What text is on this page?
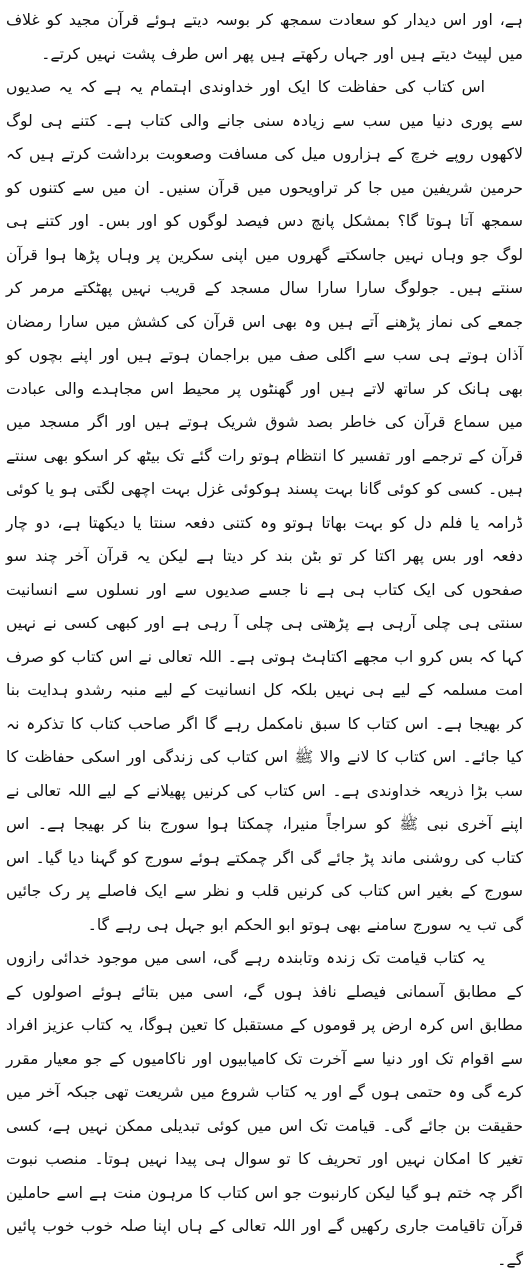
ہے، اور اس دیدار کو سعادت سمجھ کر بوسہ دیتے ہوئے قرآن مجید کو غلاف میں لپیٹ دیتے ہیں اور جہاں رکھتے ہیں پھر اس طرف پشت نہیں کرتے۔

اس کتاب کی حفاظت کا ایک اور خداوندی اہتمام یہ ہے کہ یہ صدیوں سے پوری دنیا میں سب سے زیادہ سنی جانے والی کتاب ہے۔ کتنے ہی لوگ لاکھوں روپے خرچ کے ہزاروں میل کی مسافت وصعوبت برداشت کرتے ہیں کہ حرمین شریفین میں جا کر تراویحوں میں قرآن سنیں۔ ان میں سے کتنوں کو سمجھ آتا ہوتا گا؟ بمشکل پانچ دس فیصد لوگوں کو اور بس۔ اور کتنے ہی لوگ جو وہاں نہیں جاسکتے گھروں میں اپنی سکرین پر وہاں پڑھا ہوا قرآن سنتے ہیں۔ جولوگ سارا سارا سال مسجد کے قریب نہیں پھٹکتے مرمر کر جمعے کی نماز پڑھنے آتے ہیں وہ بھی اس قرآن کی کشش میں سارا رمضان آذان ہوتے ہی سب سے اگلی صف میں براجمان ہوتے ہیں اور اپنے بچوں کو بھی ہانک کر ساتھ لاتے ہیں اور گھنٹوں پر محیط اس مجاہدے والی عبادت میں سماع قرآن کی خاطر بصد شوق شریک ہوتے ہیں اور اگر مسجد میں قرآن کے ترجمے اور تفسیر کا انتظام ہوتو رات گئے تک بیٹھ کر اسکو بھی سنتے ہیں۔ کسی کو کوئی گانا بہت پسند ہوکوئی غزل بہت اچھی لگتی ہو یا کوئی ڈرامہ یا فلم دل کو بہت بھاتا ہوتو وہ کتنی دفعہ سنتا یا دیکھتا ہے، دو چار دفعہ اور بس پھر اکتا کر تو بٹن بند کر دیتا ہے لیکن یہ قرآن آخر چند سو صفحوں کی ایک کتاب ہی ہے نا جسے صدیوں سے اور نسلوں سے انسانیت سنتی ہی چلی آرہی ہے پڑھتی ہی چلی آ رہی ہے اور کبھی کسی نے نہیں کہا کہ بس کرو اب مجھے اکتاہٹ ہوتی ہے۔ اللہ تعالی نے اس کتاب کو صرف امت مسلمہ کے لیے ہی نہیں بلکہ کل انسانیت کے لیے منبہ رشدو ہدایت بنا کر بھیجا ہے۔ اس کتاب کا سبق نامکمل رہے گا اگر صاحب کتاب کا تذکرہ نہ کیا جائے۔ اس کتاب کا لانے والا ﷺ اس کتاب کی زندگی اور اسکی حفاظت کا سب بڑا ذریعہ خداوندی ہے۔ اس کتاب کی کرنیں پھیلانے کے لیے اللہ تعالی نے اپنے آخری نبی ﷺ کو سراجاً منیرا، چمکتا ہوا سورج بنا کر بھیجا ہے۔ اس کتاب کی روشنی ماند پڑ جائے گی اگر چمکتے ہوئے سورج کو گہنا دیا گیا۔ اس سورج کے بغیر اس کتاب کی کرنیں قلب و نظر سے ایک فاصلے پر رک جائیں گی تب یہ سورج سامنے بھی ہوتو ابو الحکم ابو جہل ہی رہے گا۔

یہ کتاب قیامت تک زندہ وتابندہ رہے گی، اسی میں موجود خدائی رازوں کے مطابق آسمانی فیصلے نافذ ہوں گے، اسی میں بتائے ہوئے اصولوں کے مطابق اس کرہ ارض پر قوموں کے مستقبل کا تعین ہوگا، یہ کتاب عزیز افراد سے اقوام تک اور دنیا سے آخرت تک کامیابیوں اور ناکامیوں کے جو معیار مقرر کرے گی وہ حتمی ہوں گے اور یہ کتاب شروع میں شریعت تھی جبکہ آخر میں حقیقت بن جائے گی۔ قیامت تک اس میں کوئی تبدیلی ممکن نہیں ہے، کسی تغیر کا امکان نہیں اور تحریف کا تو سوال ہی پیدا نہیں ہوتا۔ منصب نبوت اگر چہ ختم ہو گیا لیکن کارنبوت جو اس کتاب کا مرہون منت ہے اسے حاملین قرآن تاقیامت جاری رکھیں گے اور اللہ تعالی کے ہاں اپنا صلہ خوب خوب پائیں گے۔
